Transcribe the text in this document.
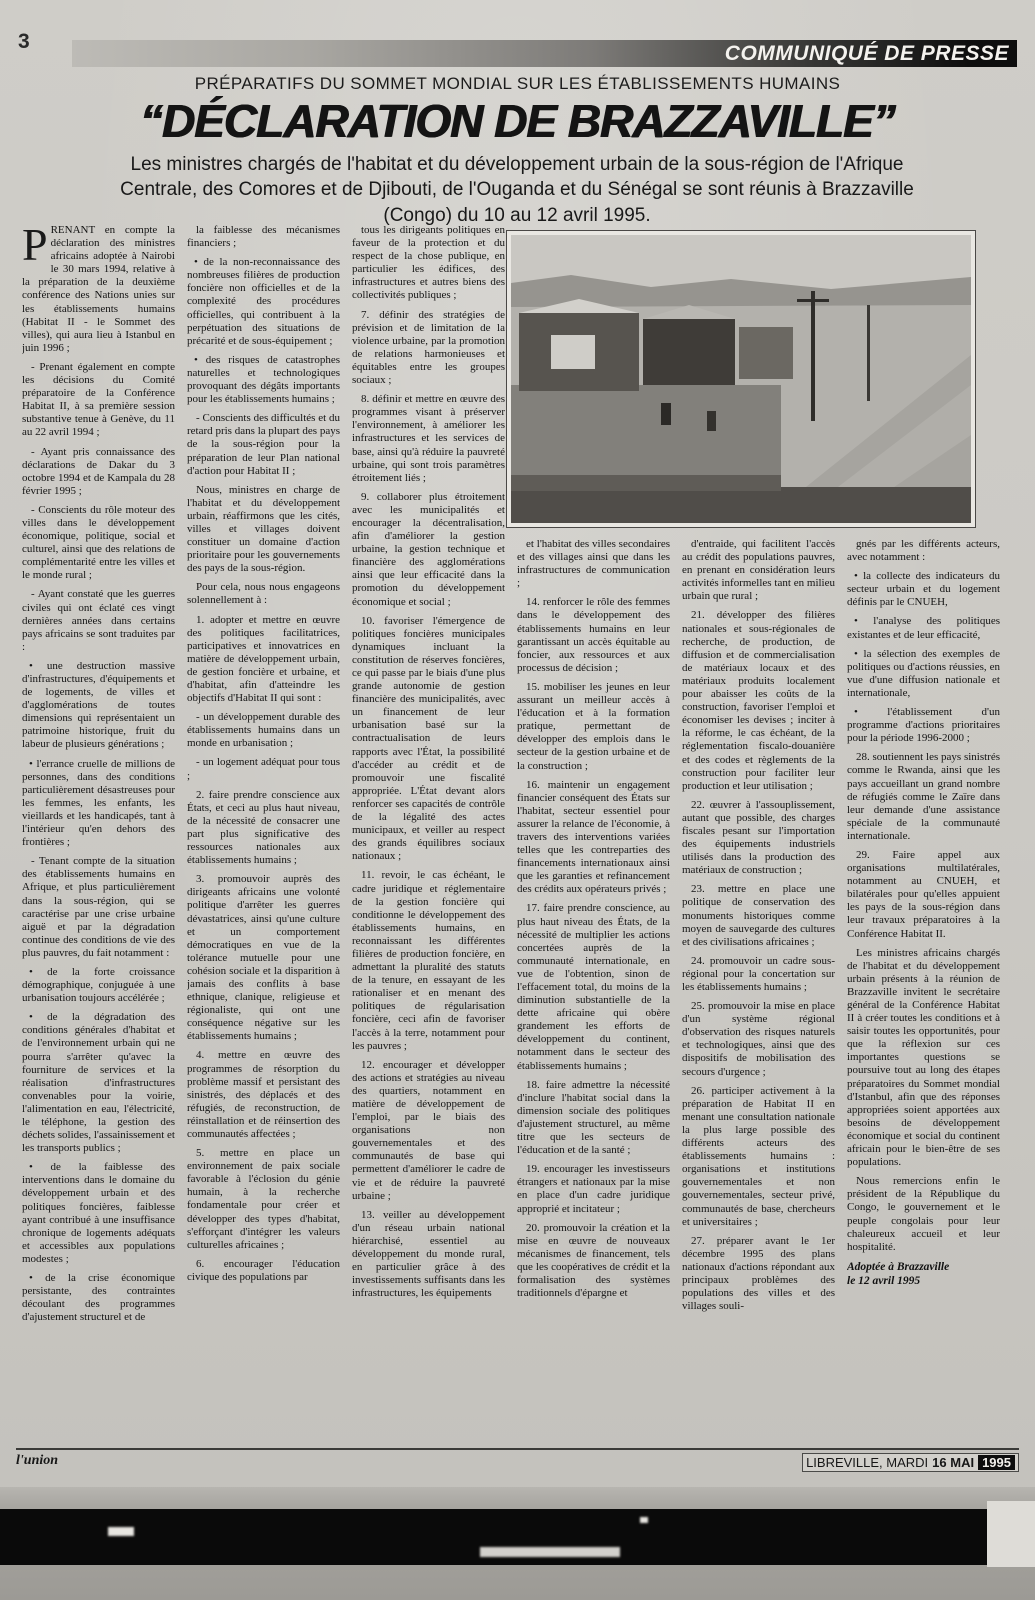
3	COMMUNIQUÉ DE PRESSE
PRÉPARATIFS DU SOMMET MONDIAL SUR LES ÉTABLISSEMENTS HUMAINS
“DÉCLARATION DE BRAZZAVILLE”
Les ministres chargés de l'habitat et du développement urbain de la sous-région de l'Afrique Centrale, des Comores et de Djibouti, de l'Ouganda et du Sénégal se sont réunis à Brazzaville (Congo) du 10 au 12 avril 1995.

PRENANT en compte la déclaration des ministres africains adoptée à Nairobi le 30 mars 1994, relative à la préparation de la deuxième conférence des Nations unies sur les établissements humains (Habitat II - le Sommet des villes), qui aura lieu à Istanbul en juin 1996 ;

- Prenant également en compte les décisions du Comité préparatoire de la Conférence Habitat II, à sa première session substantive tenue à Genève, du 11 au 22 avril 1994 ;

- Ayant pris connaissance des déclarations de Dakar du 3 octobre 1994 et de Kampala du 28 février 1995 ;

- Conscients du rôle moteur des villes dans le développement économique, politique, social et culturel, ainsi que des relations de complémentarité entre les villes et le monde rural ;

- Ayant constaté que les guerres civiles qui ont éclaté ces vingt dernières années dans certains pays africains se sont traduites par :

• une destruction massive d'infrastructures, d'équipements et de logements, de villes et d'agglomérations de toutes dimensions qui représentaient un patrimoine historique, fruit du labeur de plusieurs générations ;

• l'errance cruelle de millions de personnes, dans des conditions particulièrement désastreuses pour les femmes, les enfants, les vieillards et les handicapés, tant à l'intérieur qu'en dehors des frontières ;

- Tenant compte de la situation des établissements humains en Afrique, et plus particulièrement dans la sous-région, qui se caractérise par une crise urbaine aiguë et par la dégradation continue des conditions de vie des plus pauvres, du fait notamment :

• de la forte croissance démographique, conjuguée à une urbanisation toujours accélérée ;

• de la dégradation des conditions générales d'habitat et de l'environnement urbain qui ne pourra s'arrêter qu'avec la fourniture de services et la réalisation d'infrastructures convenables pour la voirie, l'alimentation en eau, l'électricité, le téléphone, la gestion des déchets solides, l'assainissement et les transports publics ;

• de la faiblesse des interventions dans le domaine du développement urbain et des politiques foncières, faiblesse ayant contribué à une insuffisance chronique de logements adéquats et accessibles aux populations modestes ;

• de la crise économique persistante, des contraintes découlant des programmes d'ajustement structurel et de

la faiblesse des mécanismes financiers ;

• de la non-reconnaissance des nombreuses filières de production foncière non officielles et de la complexité des procédures officielles, qui contribuent à la perpétuation des situations de précarité et de sous-équipement ;

• des risques de catastrophes naturelles et technologiques provoquant des dégâts importants pour les établissements humains ;

- Conscients des difficultés et du retard pris dans la plupart des pays de la sous-région pour la préparation de leur Plan national d'action pour Habitat II ;

Nous, ministres en charge de l'habitat et du développement urbain, réaffirmons que les cités, villes et villages doivent constituer un domaine d'action prioritaire pour les gouvernements des pays de la sous-région.

Pour cela, nous nous engageons solennellement à :

1. adopter et mettre en œuvre des politiques facilitatrices, participatives et innovatrices en matière de développement urbain, de gestion foncière et urbaine, et d'habitat, afin d'atteindre les objectifs d'Habitat II qui sont :

- un développement durable des établissements humains dans un monde en urbanisation ;

- un logement adéquat pour tous ;

2. faire prendre conscience aux États, et ceci au plus haut niveau, de la nécessité de consacrer une part plus significative des ressources nationales aux établissements humains ;

3. promouvoir auprès des dirigeants africains une volonté politique d'arrêter les guerres dévastatrices, ainsi qu'une culture et un comportement démocratiques en vue de la tolérance mutuelle pour une cohésion sociale et la disparition à jamais des conflits à base ethnique, clanique, religieuse et régionaliste, qui ont une conséquence négative sur les établissements humains ;

4. mettre en œuvre des programmes de résorption du problème massif et persistant des sinistrés, des déplacés et des réfugiés, de reconstruction, de réinstallation et de réinsertion des communautés affectées ;

5. mettre en place un environnement de paix sociale favorable à l'éclosion du génie humain, à la recherche fondamentale pour créer et développer des types d'habitat, s'efforçant d'intégrer les valeurs culturelles africaines ;

6. encourager l'éducation civique des populations par

tous les dirigeants politiques en faveur de la protection et du respect de la chose publique, en particulier les édifices, des infrastructures et autres biens des collectivités publiques ;

7. définir des stratégies de prévision et de limitation de la violence urbaine, par la promotion de relations harmonieuses et équitables entre les groupes sociaux ;

8. définir et mettre en œuvre des programmes visant à préserver l'environnement, à améliorer les infrastructures et les services de base, ainsi qu'à réduire la pauvreté urbaine, qui sont trois paramètres étroitement liés ;

9. collaborer plus étroitement avec les municipalités et encourager la décentralisation, afin d'améliorer la gestion urbaine, la gestion technique et financière des agglomérations ainsi que leur efficacité dans la promotion du développement économique et social ;

10. favoriser l'émergence de politiques foncières municipales dynamiques incluant la constitution de réserves foncières, ce qui passe par le biais d'une plus grande autonomie de gestion financière des municipalités, avec un financement de leur urbanisation basé sur la contractualisation de leurs rapports avec l'État, la possibilité d'accéder au crédit et de promouvoir une fiscalité appropriée. L'État devant alors renforcer ses capacités de contrôle de la légalité des actes municipaux, et veiller au respect des grands équilibres sociaux nationaux ;

11. revoir, le cas échéant, le cadre juridique et réglementaire de la gestion foncière qui conditionne le développement des établissements humains, en reconnaissant les différentes filières de production foncière, en admettant la pluralité des statuts de la tenure, en essayant de les rationaliser et en menant des politiques de régularisation foncière, ceci afin de favoriser l'accès à la terre, notamment pour les pauvres ;

12. encourager et développer des actions et stratégies au niveau des quartiers, notamment en matière de développement de l'emploi, par le biais des organisations non gouvernementales et des communautés de base qui permettent d'améliorer le cadre de vie et de réduire la pauvreté urbaine ;

13. veiller au développement d'un réseau urbain national hiérarchisé, essentiel au développement du monde rural, en particulier grâce à des investissements suffisants dans les infrastructures, les équipements

et l'habitat des villes secondaires et des villages ainsi que dans les infrastructures de communication ;

14. renforcer le rôle des femmes dans le développement des établissements humains en leur garantissant un accès équitable au foncier, aux ressources et aux processus de décision ;

15. mobiliser les jeunes en leur assurant un meilleur accès à l'éducation et à la formation pratique, permettant de développer des emplois dans le secteur de la gestion urbaine et de la construction ;

16. maintenir un engagement financier conséquent des États sur l'habitat, secteur essentiel pour assurer la relance de l'économie, à travers des interventions variées telles que les contreparties des financements internationaux ainsi que les garanties et refinancement des crédits aux opérateurs privés ;

17. faire prendre conscience, au plus haut niveau des États, de la nécessité de multiplier les actions concertées auprès de la communauté internationale, en vue de l'obtention, sinon de l'effacement total, du moins de la diminution substantielle de la dette africaine qui obère grandement les efforts de développement du continent, notamment dans le secteur des établissements humains ;

18. faire admettre la nécessité d'inclure l'habitat social dans la dimension sociale des politiques d'ajustement structurel, au même titre que les secteurs de l'éducation et de la santé ;

19. encourager les investisseurs étrangers et nationaux par la mise en place d'un cadre juridique approprié et incitateur ;

20. promouvoir la création et la mise en œuvre de nouveaux mécanismes de financement, tels que les coopératives de crédit et la formalisation des systèmes traditionnels d'épargne et

d'entraide, qui facilitent l'accès au crédit des populations pauvres, en prenant en considération leurs activités informelles tant en milieu urbain que rural ;

21. développer des filières nationales et sous-régionales de recherche, de production, de diffusion et de commercialisation de matériaux locaux et des matériaux produits localement pour abaisser les coûts de la construction, favoriser l'emploi et économiser les devises ; inciter à la réforme, le cas échéant, de la réglementation fiscalo-douanière et des codes et règlements de la construction pour faciliter leur production et leur utilisation ;

22. œuvrer à l'assouplissement, autant que possible, des charges fiscales pesant sur l'importation des équipements industriels utilisés dans la production des matériaux de construction ;

23. mettre en place une politique de conservation des monuments historiques comme moyen de sauvegarde des cultures et des civilisations africaines ;

24. promouvoir un cadre sous-régional pour la concertation sur les établissements humains ;

25. promouvoir la mise en place d'un système régional d'observation des risques naturels et technologiques, ainsi que des dispositifs de mobilisation des secours d'urgence ;

26. participer activement à la préparation de Habitat II en menant une consultation nationale la plus large possible des différents acteurs des établissements humains : organisations et institutions gouvernementales et non gouvernementales, secteur privé, communautés de base, chercheurs et universitaires ;

27. préparer avant le 1er décembre 1995 des plans nationaux d'actions répondant aux principaux problèmes des populations des villes et des villages souli-

gnés par les différents acteurs, avec notamment :

• la collecte des indicateurs du secteur urbain et du logement définis par le CNUEH,

• l'analyse des politiques existantes et de leur efficacité,

• la sélection des exemples de politiques ou d'actions réussies, en vue d'une diffusion nationale et internationale,

• l'établissement d'un programme d'actions prioritaires pour la période 1996-2000 ;

28. soutiennent les pays sinistrés comme le Rwanda, ainsi que les pays accueillant un grand nombre de réfugiés comme le Zaïre dans leur demande d'une assistance spéciale de la communauté internationale.

29. Faire appel aux organisations multilatérales, notamment au CNUEH, et bilatérales pour qu'elles appuient les pays de la sous-région dans leur travaux préparatoires à la Conférence Habitat II.

Les ministres africains chargés de l'habitat et du développement urbain présents à la réunion de Brazzaville invitent le secrétaire général de la Conférence Habitat II à créer toutes les conditions et à saisir toutes les opportunités, pour que la réflexion sur ces importantes questions se poursuive tout au long des étapes préparatoires du Sommet mondial d'Istanbul, afin que des réponses appropriées soient apportées aux besoins de développement économique et social du continent africain pour le bien-être de ses populations.

Nous remercions enfin le président de la République du Congo, le gouvernement et le peuple congolais pour leur chaleureux accueil et leur hospitalité.

Adoptée à Brazzaville
le 12 avril 1995
l'union	LIBREVILLE, MARDI 16 MAI 1995
